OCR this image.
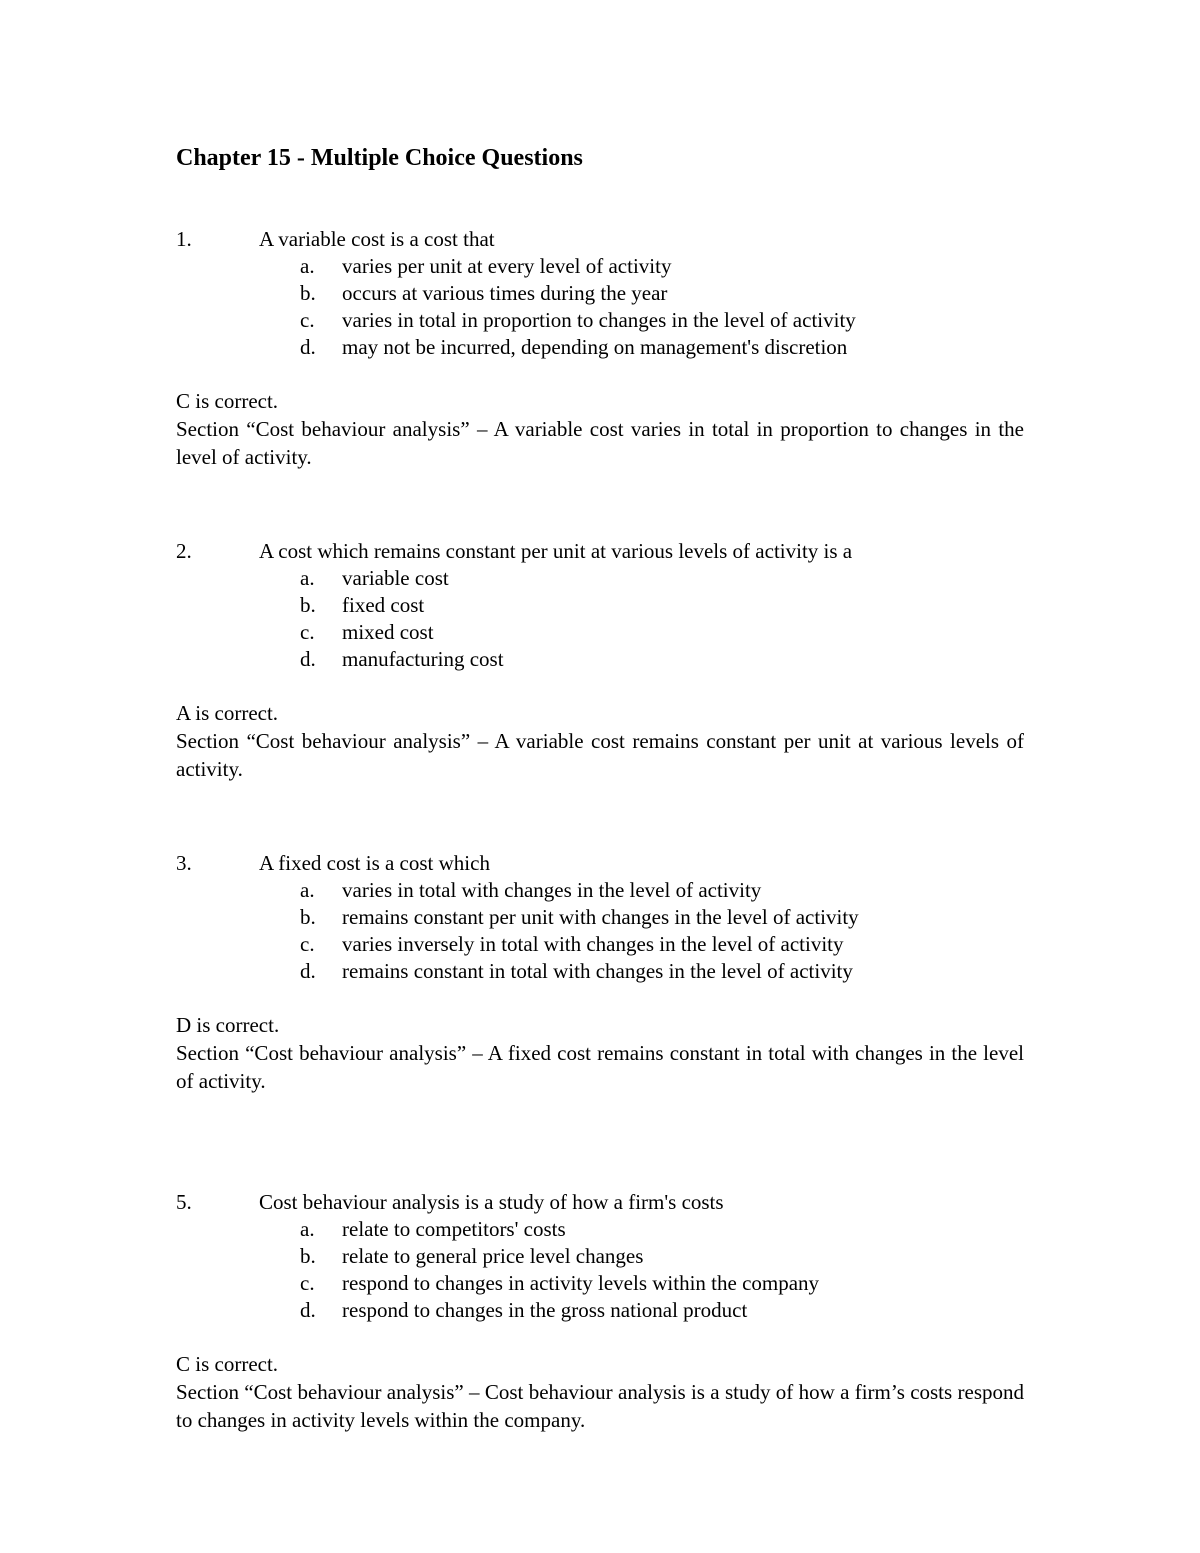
Chapter 15 - Multiple Choice Questions
1.	A variable cost is a cost that
a. varies per unit at every level of activity
b. occurs at various times during the year
c. varies in total in proportion to changes in the level of activity
d. may not be incurred, depending on management's discretion
C is correct.
Section “Cost behaviour analysis” – A variable cost varies in total in proportion to changes in the level of activity.
2.	A cost which remains constant per unit at various levels of activity is a
a. variable cost
b. fixed cost
c. mixed cost
d. manufacturing cost
A is correct.
Section “Cost behaviour analysis” – A variable cost remains constant per unit at various levels of activity.
3.	A fixed cost is a cost which
a. varies in total with changes in the level of activity
b. remains constant per unit with changes in the level of activity
c. varies inversely in total with changes in the level of activity
d. remains constant in total with changes in the level of activity
D is correct.
Section “Cost behaviour analysis” – A fixed cost remains constant in total with changes in the level of activity.
5.	Cost behaviour analysis is a study of how a firm's costs
a. relate to competitors' costs
b. relate to general price level changes
c. respond to changes in activity levels within the company
d. respond to changes in the gross national product
C is correct.
Section “Cost behaviour analysis” – Cost behaviour analysis is a study of how a firm’s costs respond to changes in activity levels within the company.
